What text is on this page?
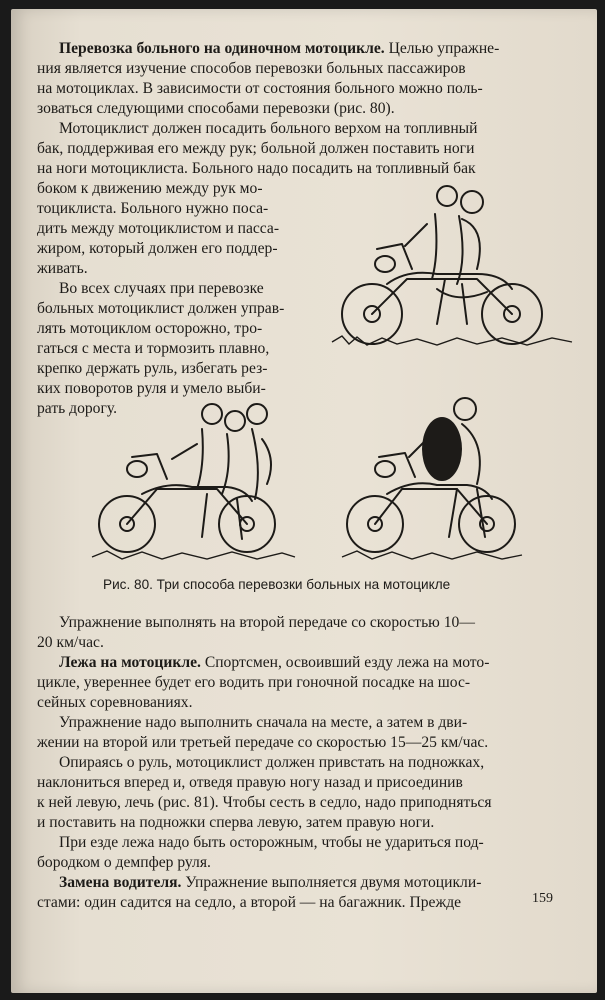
Перевозка больного на одиночном мотоцикле. Целью упражне-
ния является изучение способов перевозки больных пассажиров
на мотоциклах. В зависимости от состояния больного можно поль-
зоваться следующими способами перевозки (рис. 80).

Мотоциклист должен посадить больного верхом на топливный
бак, поддерживая его между рук; больной должен поставить ноги
на ноги мотоциклиста. Больного надо посадить на топливный бак
боком к движению между рук мо-
тоциклиста. Больного нужно поса-
дить между мотоциклистом и пасса-
жиром, который должен его поддер-
живать.

Во всех случаях при перевозке
больных мотоциклист должен управ-
лять мотоциклом осторожно, тро-
гаться с места и тормозить плавно,
крепко держать руль, избегать рез-
ких поворотов руля и умело выби-
рать дорогу.

Рис. 80. Три способа перевозки больных на мотоцикле

Упражнение выполнять на второй передаче со скоростью 10—
20 км/час.

Лежа на мотоцикле. Спортсмен, освоивший езду лежа на мото-
цикле, увереннее будет его водить при гоночной посадке на шос-
сейных соревнованиях.

Упражнение надо выполнить сначала на месте, а затем в дви-
жении на второй или третьей передаче со скоростью 15—25 км/час.

Опираясь о руль, мотоциклист должен привстать на подножках,
наклониться вперед и, отведя правую ногу назад и присоединив
к ней левую, лечь (рис. 81). Чтобы сесть в седло, надо приподняться
и поставить на подножки сперва левую, затем правую ноги.

При езде лежа надо быть осторожным, чтобы не удариться под-
бородком о демпфер руля.

Замена водителя. Упражнение выполняется двумя мотоцикли-
стами: один садится на седло, а второй — на багажник. Прежде	159
